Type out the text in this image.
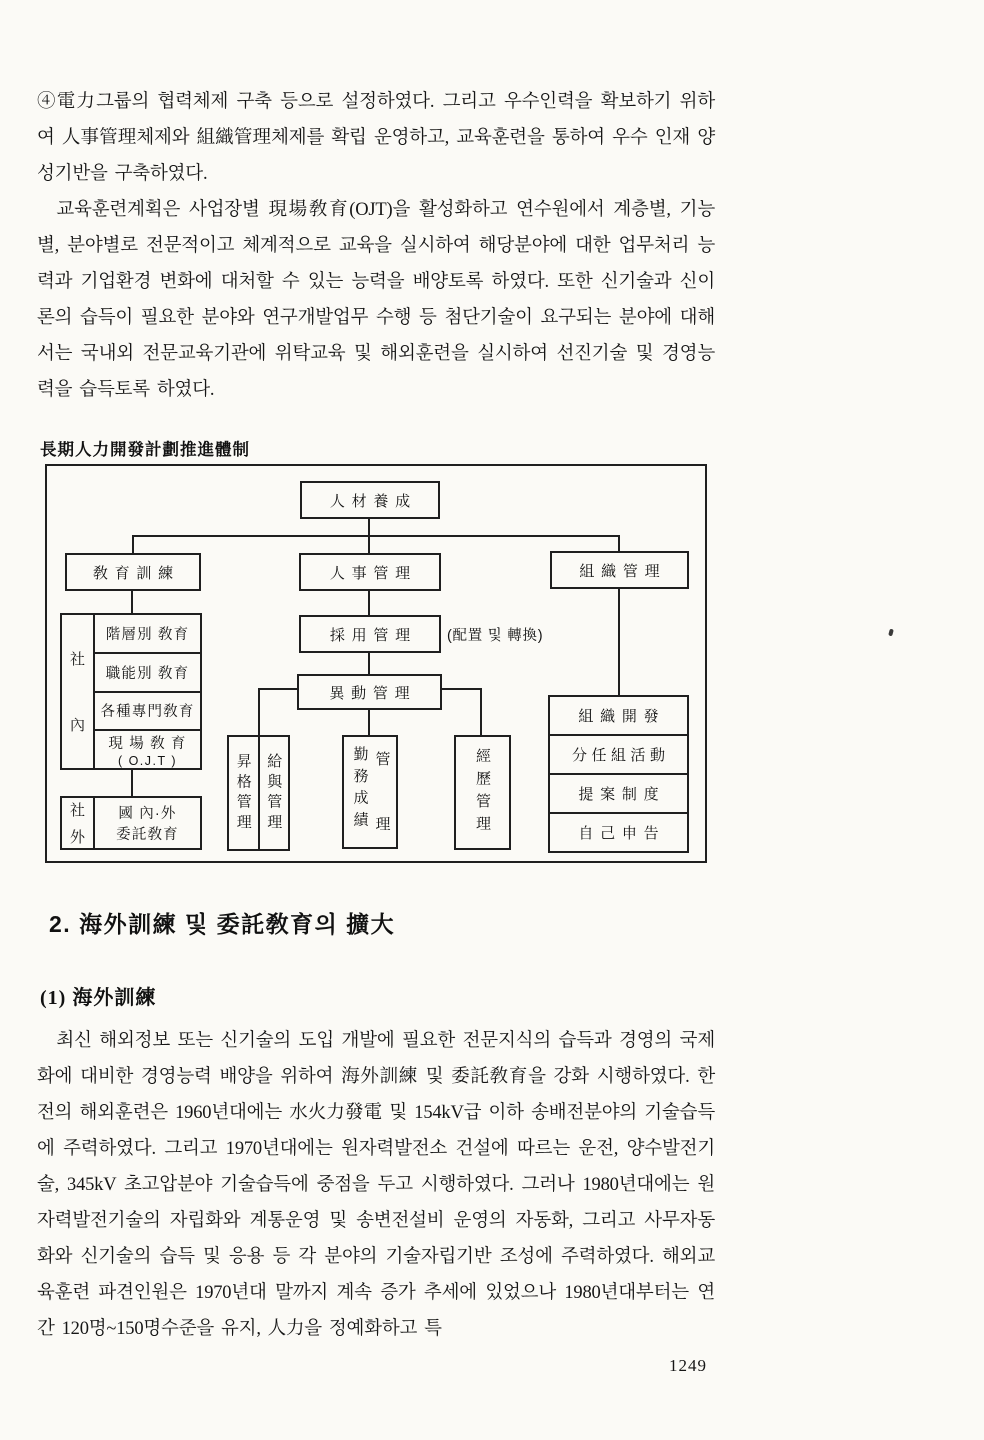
④電力그룹의 협력체제 구축 등으로 설정하였다. 그리고 우수인력을 확보하기 위하여 人事管理체제와 組織管理체제를 확립 운영하고, 교육훈련을 통하여 우수 인재 양성기반을 구축하였다.

교육훈련계획은 사업장별 現場敎育(OJT)을 활성화하고 연수원에서 계층별, 기능별, 분야별로 전문적이고 체계적으로 교육을 실시하여 해당분야에 대한 업무처리 능력과 기업환경 변화에 대처할 수 있는 능력을 배양토록 하였다. 또한 신기술과 신이론의 습득이 필요한 분야와 연구개발업무 수행 등 첨단기술이 요구되는 분야에 대해서는 국내외 전문교육기관에 위탁교육 및 해외훈련을 실시하여 선진기술 및 경영능력을 습득토록 하였다.

長期人力開發計劃推進體制
人材養成
敎育訓練	人事管理	組織管理
社
內
階層別 敎育
職能別 敎育
各種專門敎育
現 場 敎 育
( O.J.T )
社
外
國 內·外
委託敎育
採用管理	(配置 및 轉換)
異動管理
昇格管理 給與管理	勤務成績 管
理	經歷管理
組織開發
分任組活動
提案制度
自己申告
2. 海外訓練 및 委託敎育의 擴大
(1) 海外訓練

최신 해외정보 또는 신기술의 도입 개발에 필요한 전문지식의 습득과 경영의 국제화에 대비한 경영능력 배양을 위하여 海外訓練 및 委託敎育을 강화 시행하였다. 한전의 해외훈련은 1960년대에는 水火力發電 및 154kV급 이하 송배전분야의 기술습득에 주력하였다. 그리고 1970년대에는 원자력발전소 건설에 따르는 운전, 양수발전기술, 345kV 초고압분야 기술습득에 중점을 두고 시행하였다. 그러나 1980년대에는 원자력발전기술의 자립화와 계통운영 및 송변전설비 운영의 자동화, 그리고 사무자동화와 신기술의 습득 및 응용 등 각 분야의 기술자립기반 조성에 주력하였다. 해외교육훈련 파견인원은 1970년대 말까지 계속 증가 추세에 있었으나 1980년대부터는 연간 120명~150명수준을 유지, 人力을 정예화하고 특

1249
